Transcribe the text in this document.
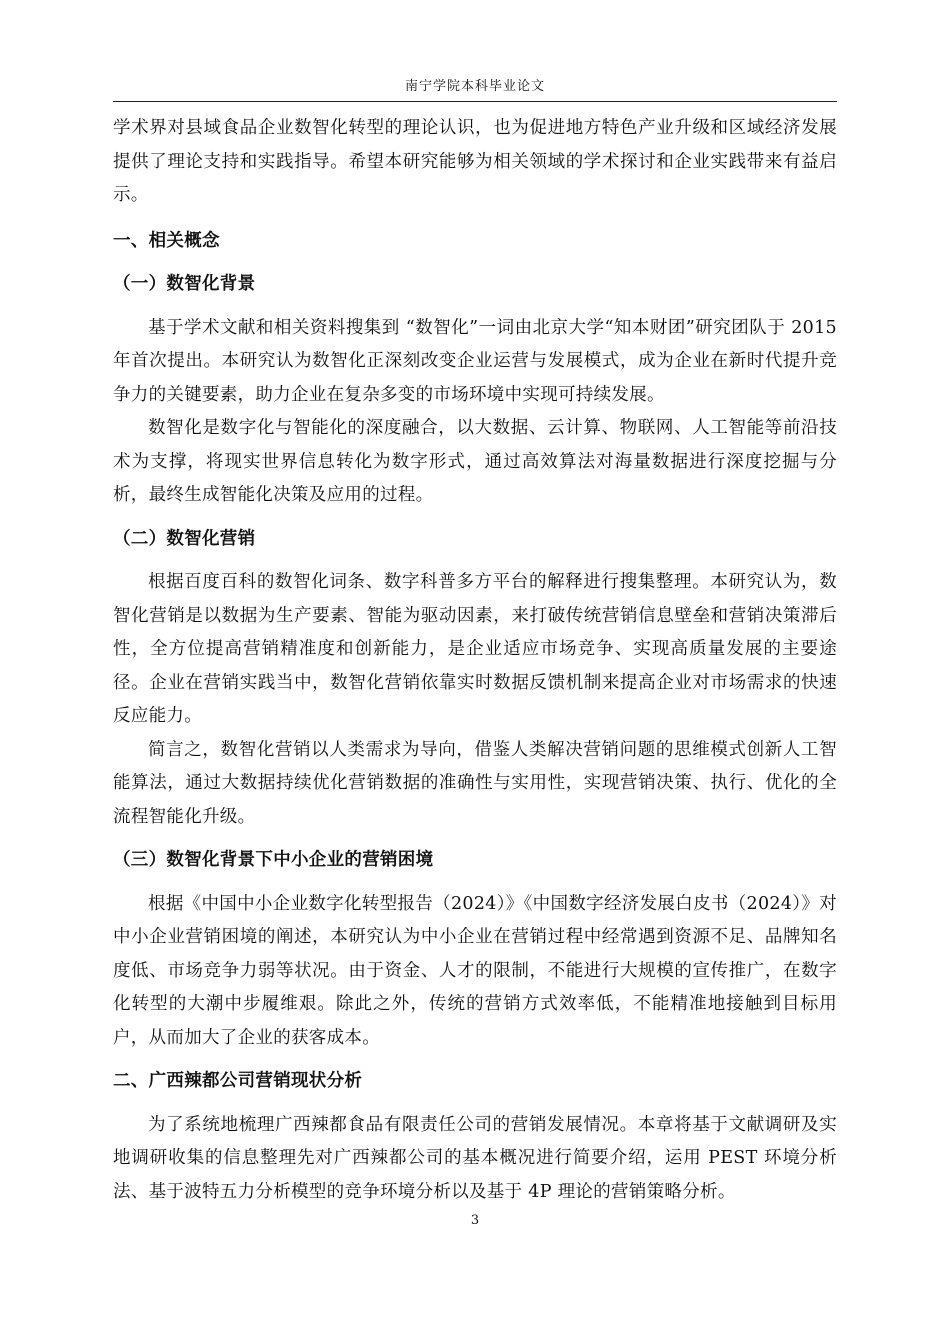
南宁学院本科毕业论文

学术界对县域食品企业数智化转型的理论认识，也为促进地方特色产业升级和区域经济发展提供了理论支持和实践指导。希望本研究能够为相关领域的学术探讨和企业实践带来有益启示。

一、相关概念
（一）数智化背景

基于学术文献和相关资料搜集到 “数智化”一词由北京大学“知本财团”研究团队于 2015 年首次提出。本研究认为数智化正深刻改变企业运营与发展模式，成为企业在新时代提升竞争力的关键要素，助力企业在复杂多变的市场环境中实现可持续发展。

数智化是数字化与智能化的深度融合，以大数据、云计算、物联网、人工智能等前沿技术为支撑，将现实世界信息转化为数字形式，通过高效算法对海量数据进行深度挖掘与分析，最终生成智能化决策及应用的过程。

（二）数智化营销

根据百度百科的数智化词条、数字科普多方平台的解释进行搜集整理。本研究认为，数智化营销是以数据为生产要素、智能为驱动因素，来打破传统营销信息壁垒和营销决策滞后性，全方位提高营销精准度和创新能力，是企业适应市场竞争、实现高质量发展的主要途径。企业在营销实践当中，数智化营销依靠实时数据反馈机制来提高企业对市场需求的快速反应能力。

简言之，数智化营销以人类需求为导向，借鉴人类解决营销问题的思维模式创新人工智能算法，通过大数据持续优化营销数据的准确性与实用性，实现营销决策、执行、优化的全流程智能化升级。

（三）数智化背景下中小企业的营销困境

根据《中国中小企业数字化转型报告（2024）》《中国数字经济发展白皮书（2024）》对中小企业营销困境的阐述，本研究认为中小企业在营销过程中经常遇到资源不足、品牌知名度低、市场竞争力弱等状况。由于资金、人才的限制，不能进行大规模的宣传推广，在数字化转型的大潮中步履维艰。除此之外，传统的营销方式效率低，不能精准地接触到目标用户，从而加大了企业的获客成本。

二、广西辣都公司营销现状分析

为了系统地梳理广西辣都食品有限责任公司的营销发展情况。本章将基于文献调研及实地调研收集的信息整理先对广西辣都公司的基本概况进行简要介绍，运用 PEST 环境分析法、基于波特五力分析模型的竞争环境分析以及基于 4P 理论的营销策略分析。

3
